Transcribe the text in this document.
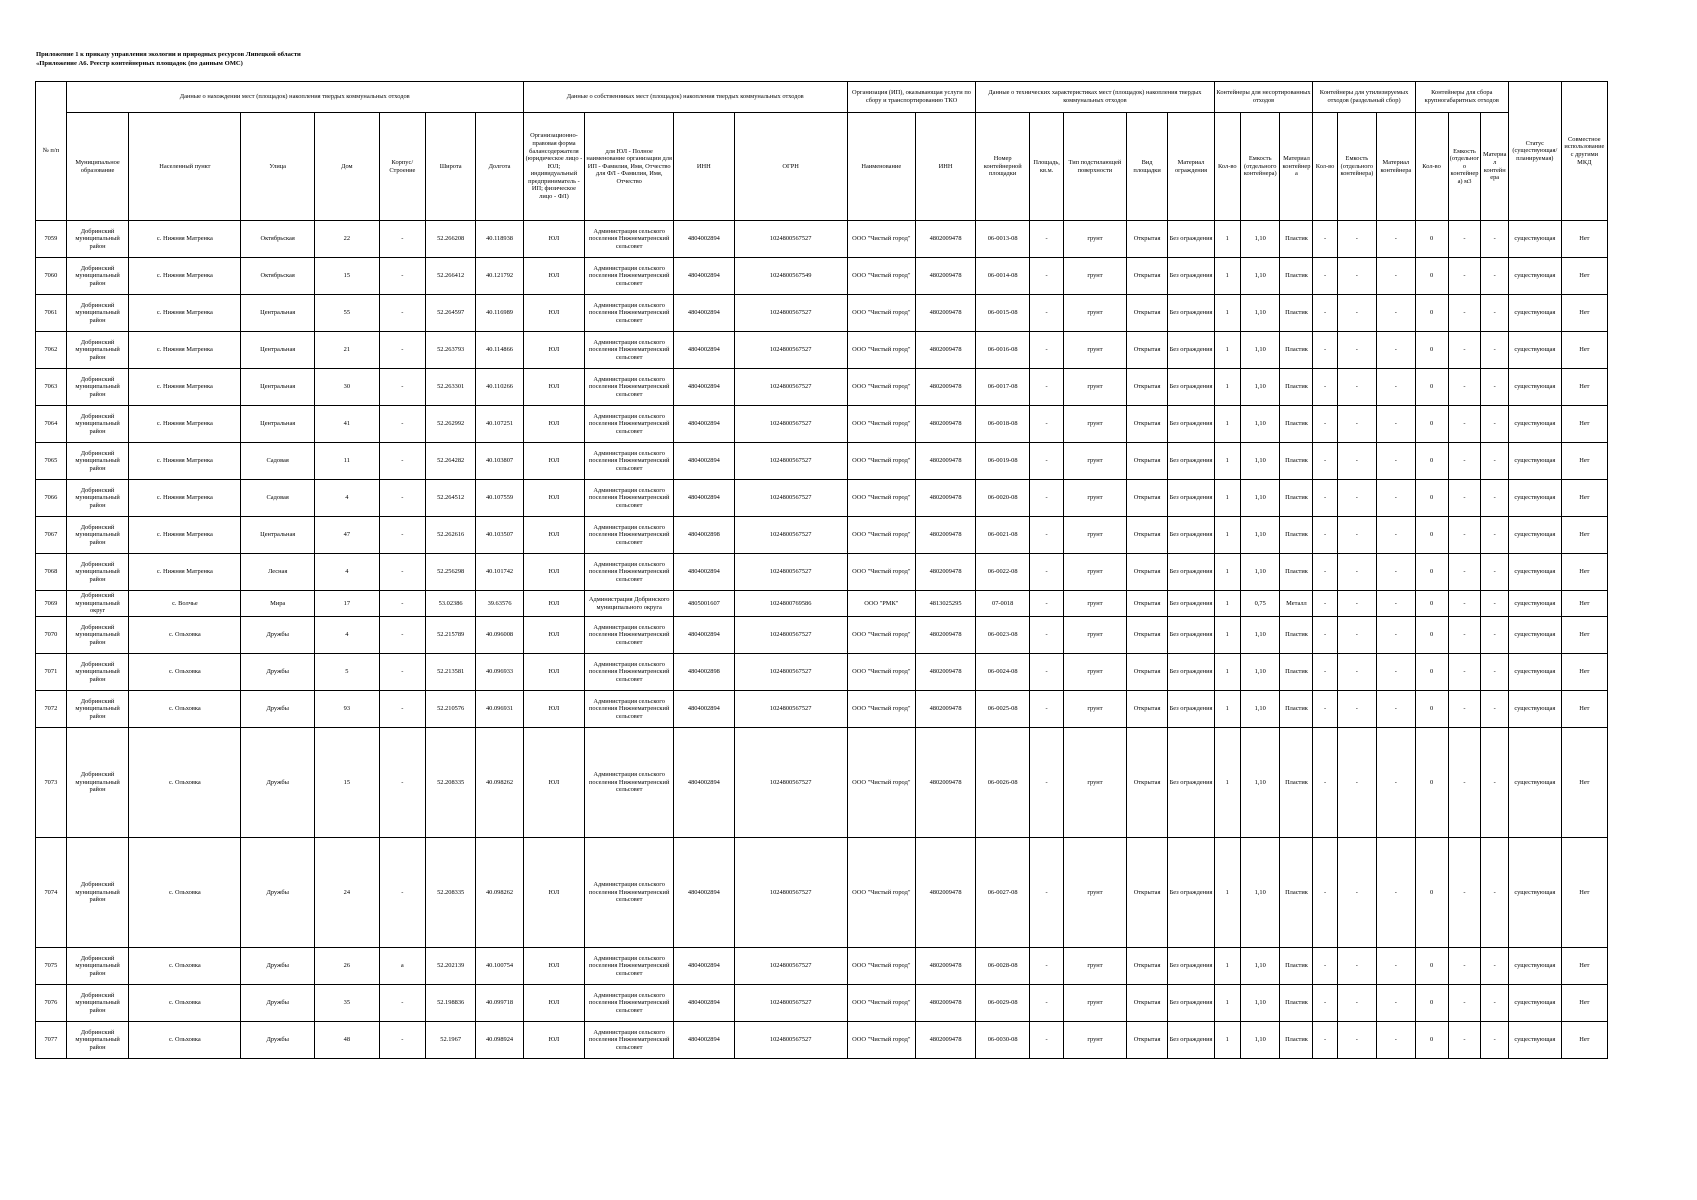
Приложение 1 к приказу управления экологии и природных ресурсов Липецкой области
«Приложение А6. Реестр контейнерных площадок (по данным ОМС)
№ п/п	Данные о нахождении мест (площадок) накопления твердых коммунальных отходов							Данные о собственниках мест (площадок) накопления твердых коммунальных отходов				Организация (ИП), оказывающая услуги по сбору и транспортированию ТКО		Данные о технических характеристиках мест (площадок) накопления твердых коммунальных отходов					Контейнеры для несортированных отходов			Контейнеры для утилизируемых отходов (раздельный сбор)			Контейнеры для сбора крупногабаритных отходов			Статус (существующая/ планируемая)	Совместное использование с другими МКД
	Муниципальное образование	Населенный пункт	Улица	Дом	Корпус/Строение	Широта	Долгота	Организационно-правовая форма балансодержателя (юридическое лицо - ЮЛ; индивидуальный предприниматель - ИП; физическое лицо - ФЛ)	для ЮЛ - Полное наименование организации для ИП - Фамилия, Имя, Отчество для ФЛ - Фамилия, Имя, Отчество	ИНН	ОГРН	Наименование	ИНН	Номер контейнерной площадки	Площадь, кв.м.	Тип подстилающей поверхности	Вид площадки	Материал ограждения	Кол-во	Емкость (отдельного контейнера)	Материал контейнера	Кол-во	Емкость (отдельного контейнера)	Материал контейнера	Кол-во	Емкость (отдельного контейнера) м3	Материал контейнера		
7059	Добринский муниципальный район	с. Нижняя Матренка	Октябрьская	22	-	52.266208	40.118938	ЮЛ	Администрация сельского поселения Нижнематренский сельсовет	4804002894	1024800567527	ООО "Чистый город"	4802009478	06-0013-08	-	грунт	Открытая	Без ограждения	1	1,10	Пластик	-	-	-	0	-	-	существующая	Нет
7060	Добринский муниципальный район	с. Нижняя Матренка	Октябрьская	15	-	52.266412	40.121792	ЮЛ	Администрация сельского поселения Нижнематренский сельсовет	4804002894	1024800567549	ООО "Чистый город"	4802009478	06-0014-08	-	грунт	Открытая	Без ограждения	1	1,10	Пластик	-	-	-	0	-	-	существующая	Нет
7061	Добринский муниципальный район	с. Нижняя Матренка	Центральная	55	-	52.264597	40.116989	ЮЛ	Администрация сельского поселения Нижнематренский сельсовет	4804002894	1024800567527	ООО "Чистый город"	4802009478	06-0015-08	-	грунт	Открытая	Без ограждения	1	1,10	Пластик	-	-	-	0	-	-	существующая	Нет
7062	Добринский муниципальный район	с. Нижняя Матренка	Центральная	21	-	52.263793	40.114866	ЮЛ	Администрация сельского поселения Нижнематренский сельсовет	4804002894	1024800567527	ООО "Чистый город"	4802009478	06-0016-08	-	грунт	Открытая	Без ограждения	1	1,10	Пластик	-	-	-	0	-	-	существующая	Нет
7063	Добринский муниципальный район	с. Нижняя Матренка	Центральная	30	-	52.263301	40.110266	ЮЛ	Администрация сельского поселения Нижнематренский сельсовет	4804002894	1024800567527	ООО "Чистый город"	4802009478	06-0017-08	-	грунт	Открытая	Без ограждения	1	1,10	Пластик	-	-	-	0	-	-	существующая	Нет
7064	Добринский муниципальный район	с. Нижняя Матренка	Центральная	41	-	52.262992	40.107251	ЮЛ	Администрация сельского поселения Нижнематренский сельсовет	4804002894	1024800567527	ООО "Чистый город"	4802009478	06-0018-08	-	грунт	Открытая	Без ограждения	1	1,10	Пластик	-	-	-	0	-	-	существующая	Нет
7065	Добринский муниципальный район	с. Нижняя Матренка	Садовая	11	-	52.264282	40.103807	ЮЛ	Администрация сельского поселения Нижнематренский сельсовет	4804002894	1024800567527	ООО "Чистый город"	4802009478	06-0019-08	-	грунт	Открытая	Без ограждения	1	1,10	Пластик	-	-	-	0	-	-	существующая	Нет
7066	Добринский муниципальный район	с. Нижняя Матренка	Садовая	4	-	52.264512	40.107559	ЮЛ	Администрация сельского поселения Нижнематренский сельсовет	4804002894	1024800567527	ООО "Чистый город"	4802009478	06-0020-08	-	грунт	Открытая	Без ограждения	1	1,10	Пластик	-	-	-	0	-	-	существующая	Нет
7067	Добринский муниципальный район	с. Нижняя Матренка	Центральная	47	-	52.262616	40.103507	ЮЛ	Администрация сельского поселения Нижнематренский сельсовет	4804002898	1024800567527	ООО "Чистый город"	4802009478	06-0021-08	-	грунт	Открытая	Без ограждения	1	1,10	Пластик	-	-	-	0	-	-	существующая	Нет
7068	Добринский муниципальный район	с. Нижняя Матренка	Лесная	4	-	52.256298	40.101742	ЮЛ	Администрация сельского поселения Нижнематренский сельсовет	4804002894	1024800567527	ООО "Чистый город"	4802009478	06-0022-08	-	грунт	Открытая	Без ограждения	1	1,10	Пластик	-	-	-	0	-	-	существующая	Нет
7069	Добринский муниципальный округ	с. Волчье	Мира	17	-	53.02386	39.63576	ЮЛ	Администрация Добринского муниципального округа	4805001607	1024800769586	ООО "РМК"	4813025295	07-0018	-	грунт	Открытая	Без ограждения	1	0,75	Металл	-	-	-	0	-	-	существующая	Нет
7070	Добринский муниципальный район	с. Ольховка	Дружбы	4	-	52.215789	40.096008	ЮЛ	Администрация сельского поселения Нижнематренский сельсовет	4804002894	1024800567527	ООО "Чистый город"	4802009478	06-0023-08	-	грунт	Открытая	Без ограждения	1	1,10	Пластик	-	-	-	0	-	-	существующая	Нет
7071	Добринский муниципальный район	с. Ольховка	Дружбы	5	-	52.213581	40.096933	ЮЛ	Администрация сельского поселения Нижнематренский сельсовет	4804002898	1024800567527	ООО "Чистый город"	4802009478	06-0024-08	-	грунт	Открытая	Без ограждения	1	1,10	Пластик	-	-	-	0	-	-	существующая	Нет
7072	Добринский муниципальный район	с. Ольховка	Дружбы	93	-	52.210576	40.096931	ЮЛ	Администрация сельского поселения Нижнематренский сельсовет	4804002894	1024800567527	ООО "Чистый город"	4802009478	06-0025-08	-	грунт	Открытая	Без ограждения	1	1,10	Пластик	-	-	-	0	-	-	существующая	Нет
7073	Добринский муниципальный район	с. Ольховка	Дружбы	15	-	52.208335	40.098262	ЮЛ	Администрация сельского поселения Нижнематренский сельсовет	4804002894	1024800567527	ООО "Чистый город"	4802009478	06-0026-08	-	грунт	Открытая	Без ограждения	1	1,10	Пластик	-	-	-	0	-	-	существующая	Нет
7074	Добринский муниципальный район	с. Ольховка	Дружбы	24	-	52.208335	40.098262	ЮЛ	Администрация сельского поселения Нижнематренский сельсовет	4804002894	1024800567527	ООО "Чистый город"	4802009478	06-0027-08	-	грунт	Открытая	Без ограждения	1	1,10	Пластик	-	-	-	0	-	-	существующая	Нет
7075	Добринский муниципальный район	с. Ольховка	Дружбы	26	а	52.202139	40.100754	ЮЛ	Администрация сельского поселения Нижнематренский сельсовет	4804002894	1024800567527	ООО "Чистый город"	4802009478	06-0028-08	-	грунт	Открытая	Без ограждения	1	1,10	Пластик	-	-	-	0	-	-	существующая	Нет
7076	Добринский муниципальный район	с. Ольховка	Дружбы	35	-	52.198836	40.099718	ЮЛ	Администрация сельского поселения Нижнематренский сельсовет	4804002894	1024800567527	ООО "Чистый город"	4802009478	06-0029-08	-	грунт	Открытая	Без ограждения	1	1,10	Пластик	-	-	-	0	-	-	существующая	Нет
7077	Добринский муниципальный район	с. Ольховка	Дружбы	48	-	52.1967	40.098924	ЮЛ	Администрация сельского поселения Нижнематренский сельсовет	4804002894	1024800567527	ООО "Чистый город"	4802009478	06-0030-08	-	грунт	Открытая	Без ограждения	1	1,10	Пластик	-	-	-	0	-	-	существующая	Нет
